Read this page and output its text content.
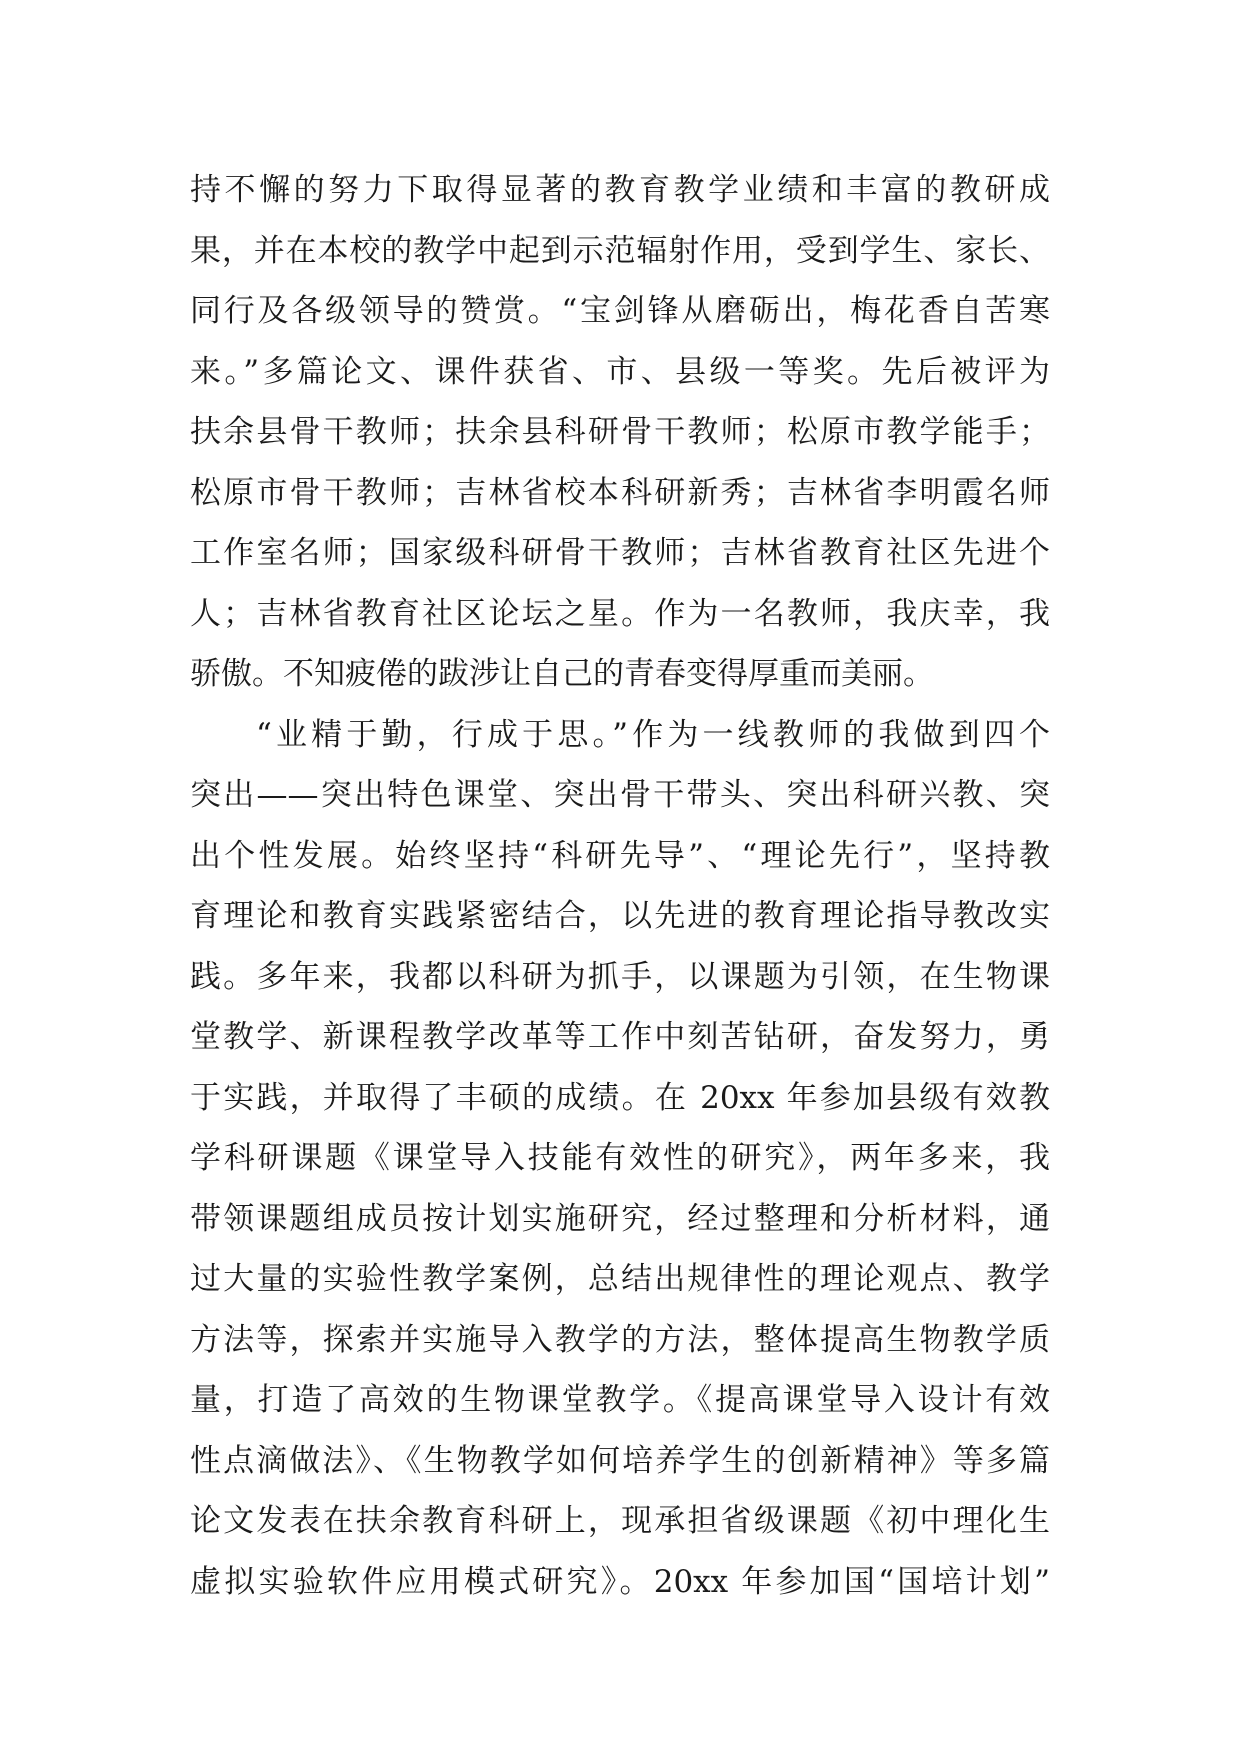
持不懈的努力下取得显著的教育教学业绩和丰富的教研成
果，并在本校的教学中起到示范辐射作用，受到学生、家长、
同行及各级领导的赞赏。“宝剑锋从磨砺出，梅花香自苦寒
来。”多篇论文、课件获省、市、县级一等奖。先后被评为
扶余县骨干教师；扶余县科研骨干教师；松原市教学能手；
松原市骨干教师；吉林省校本科研新秀；吉林省李明霞名师
工作室名师；国家级科研骨干教师；吉林省教育社区先进个
人；吉林省教育社区论坛之星。作为一名教师，我庆幸，我
骄傲。不知疲倦的跋涉让自己的青春变得厚重而美丽。
“业精于勤，行成于思。”作为一线教师的我做到四个
突出——突出特色课堂、突出骨干带头、突出科研兴教、突
出个性发展。始终坚持“科研先导”、“理论先行”，坚持教
育理论和教育实践紧密结合，以先进的教育理论指导教改实
践。多年来，我都以科研为抓手，以课题为引领，在生物课
堂教学、新课程教学改革等工作中刻苦钻研，奋发努力，勇
于实践，并取得了丰硕的成绩。在 20xx 年参加县级有效教
学科研课题《课堂导入技能有效性的研究》，两年多来，我
带领课题组成员按计划实施研究，经过整理和分析材料，通
过大量的实验性教学案例，总结出规律性的理论观点、教学
方法等，探索并实施导入教学的方法，整体提高生物教学质
量，打造了高效的生物课堂教学。《提高课堂导入设计有效
性点滴做法》、《生物教学如何培养学生的创新精神》等多篇
论文发表在扶余教育科研上，现承担省级课题《初中理化生
虚拟实验软件应用模式研究》。20xx 年参加国“国培计划”
